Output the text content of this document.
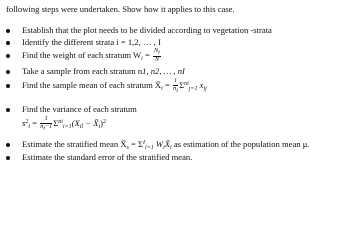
following steps were undertaken. Show how it applies to this case.
Establish that the plot needs to be divided according to vegetation -strata
Identify the different strata i = 1,2, … , I
Find the weight of each stratum $W_i = \frac{Ni}{N}$
Take a sample from each stratum n1, n2, … , nI
Find the sample mean of each stratum $X̄_i = \frac{1}{ni} \Sigma nij=1$ $x_{ij}$
Find the variance of each stratum
Estimate the stratified mean $X̄_s = \Sigma Ii=1$ $W_iX̄_i$ as estimation of the population mean μ.
Estimate the standard error of the stratified mean.
$s2i = \frac{1}{ni-1} \Sigma nii=1(X_{il}$ − $X̄_i)^2$
